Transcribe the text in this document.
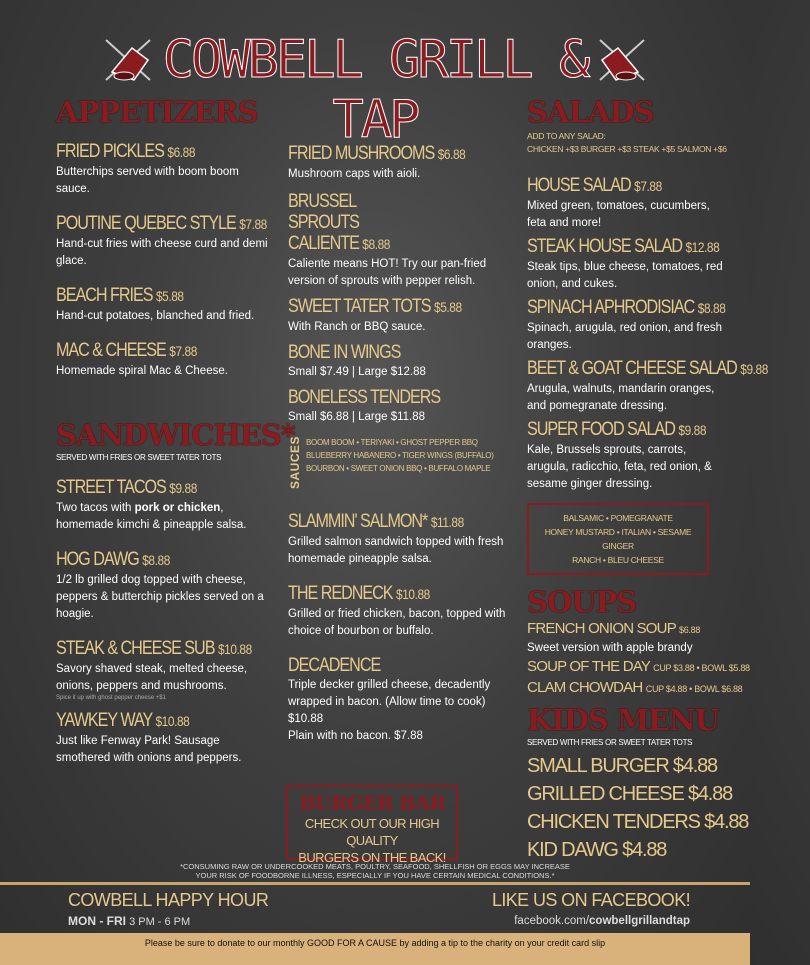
COWBELL GRILL & TAP
APPETIZERS
FRIED PICKLES $6.88
Butterchips served with boom boom sauce.
POUTINE QUEBEC STYLE $7.88
Hand-cut fries with cheese curd and demi glace.
BEACH FRIES $5.88
Hand-cut potatoes, blanched and fried.
MAC & CHEESE $7.88
Homemade spiral Mac & Cheese.
SANDWICHES*
SERVED WITH FRIES OR SWEET TATER TOTS
STREET TACOS $9.88
Two tacos with pork or chicken, homemade kimchi & pineapple salsa.
HOG DAWG $8.88
1/2 lb grilled dog topped with cheese, peppers & butterchip pickles served on a hoagie.
STEAK & CHEESE SUB $10.88
Savory shaved steak, melted cheese, onions, peppers and mushrooms.
Spice it up with ghost pepper cheese +$1
YAWKEY WAY $10.88
Just like Fenway Park! Sausage smothered with onions and peppers.
FRIED MUSHROOMS $6.88
Mushroom caps with aioli.
BRUSSEL SPROUTS CALIENTE $8.88
Caliente means HOT! Try our pan-fried version of sprouts with pepper relish.
SWEET TATER TOTS $5.88
With Ranch or BBQ sauce.
BONE IN WINGS
Small $7.49 | Large $12.88
BONELESS TENDERS
Small $6.88 | Large $11.88
SAUCES BOOM BOOM • TERIYAKI • GHOST PEPPER BBQ
BLUEBERRY HABANERO • TIGER WINGS (BUFFALO)
BOURBON • SWEET ONION BBQ • BUFFALO MAPLE
SLAMMIN' SALMON* $11.88
Grilled salmon sandwich topped with fresh homemade pineapple salsa.
THE REDNECK $10.88
Grilled or fried chicken, bacon, topped with choice of bourbon or buffalo.
DECADENCE
Triple decker grilled cheese, decadently wrapped in bacon. (Allow time to cook) $10.88
Plain with no bacon. $7.88
BURGER BAR
CHECK OUT OUR HIGH QUALITY
BURGERS ON THE BACK!
SALADS
ADD TO ANY SALAD:
CHICKEN +$3 BURGER +$3 STEAK +$5 SALMON +$6
HOUSE SALAD $7.88
Mixed green, tomatoes, cucumbers, feta and more!
STEAK HOUSE SALAD $12.88
Steak tips, blue cheese, tomatoes, red onion, and cukes.
SPINACH APHRODISIAC $8.88
Spinach, arugula, red onion, and fresh oranges.
BEET & GOAT CHEESE SALAD $9.88
Arugula, walnuts, mandarin oranges, and pomegranate dressing.
SUPER FOOD SALAD $9.88
Kale, Brussels sprouts, carrots, arugula, radicchio, feta, red onion, & sesame ginger dressing.
BALSAMIC • POMEGRANATE
HONEY MUSTARD • ITALIAN • SESAME GINGER
RANCH • BLEU CHEESE
SOUPS
FRENCH ONION SOUP $6.88
Sweet version with apple brandy
SOUP OF THE DAY CUP $3.88 • BOWL $5.88
CLAM CHOWDAH CUP $4.88 • BOWL $6.88
KIDS MENU
SERVED WITH FRIES OR SWEET TATER TOTS
SMALL BURGER $4.88
GRILLED CHEESE $4.88
CHICKEN TENDERS $4.88
KID DAWG $4.88
*CONSUMING RAW OR UNDERCOOKED MEATS, POULTRY, SEAFOOD, SHELLFISH OR EGGS MAY INCREASE
YOUR RISK OF FOODBORNE ILLNESS, ESPECIALLY IF YOU HAVE CERTAIN MEDICAL CONDITIONS.*
COWBELL HAPPY HOUR
MON - FRI 3 PM - 6 PM
LIKE US ON FACEBOOK!
facebook.com/cowbellgrillandtap
Please be sure to donate to our monthly GOOD FOR A CAUSE by adding a tip to the charity on your credit card slip
